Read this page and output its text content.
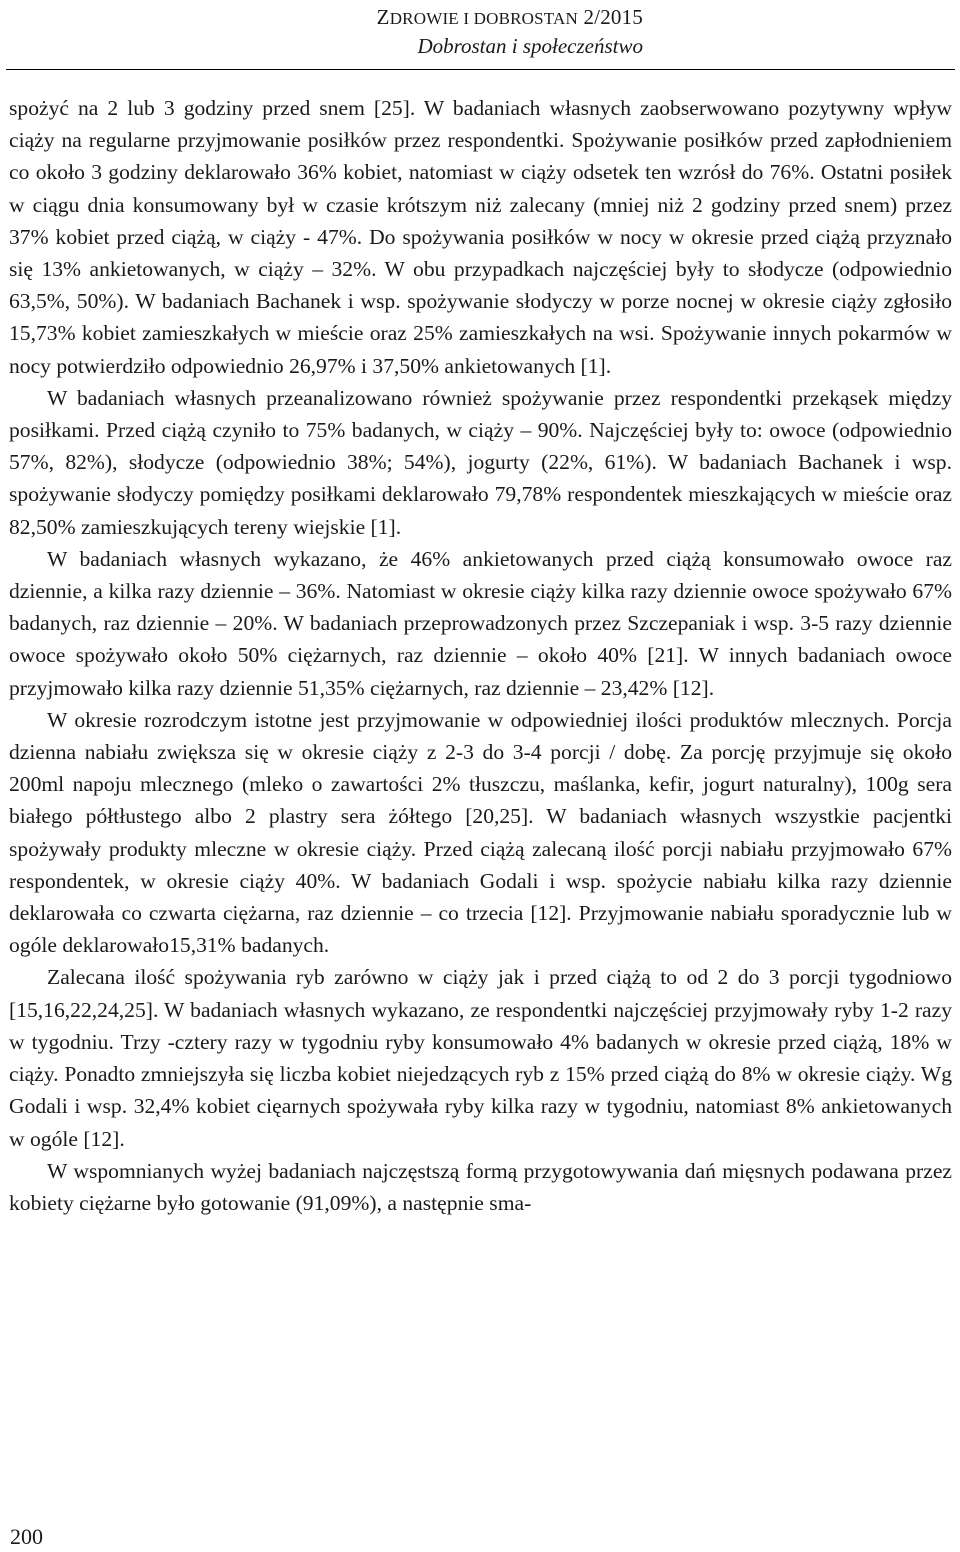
ZDROWIE I DOBROSTAN 2/2015
Dobrostan i społeczeństwo

spożyć na 2 lub 3 godziny przed snem [25]. W badaniach własnych zaobserwowano pozytywny wpływ ciąży na regularne przyjmowanie posiłków przez respondentki. Spożywanie posiłków przed zapłodnieniem co około 3 godziny deklarowało 36% kobiet, natomiast w ciąży odsetek ten wzrósł do 76%. Ostatni posiłek w ciągu dnia konsumowany był w czasie krótszym niż zalecany (mniej niż 2 godziny przed snem) przez 37% kobiet przed ciążą, w ciąży - 47%. Do spożywania posiłków w nocy w okresie przed ciążą przyznało się 13% ankietowanych, w ciąży – 32%. W obu przypadkach najczęściej były to słodycze (odpowiednio 63,5%, 50%). W badaniach Bachanek i wsp. spożywanie słodyczy w porze nocnej w okresie ciąży zgłosiło 15,73% kobiet zamieszkałych w mieście oraz 25% zamieszkałych na wsi. Spożywanie innych pokarmów w nocy potwierdziło odpowiednio 26,97% i 37,50% ankietowanych [1].

W badaniach własnych przeanalizowano również spożywanie przez respondentki przekąsek między posiłkami. Przed ciążą czyniło to 75% badanych, w ciąży – 90%. Najczęściej były to: owoce (odpowiednio 57%, 82%), słodycze (odpowiednio 38%; 54%), jogurty (22%, 61%). W badaniach Bachanek i wsp. spożywanie słodyczy pomiędzy posiłkami deklarowało 79,78% respondentek mieszkających w mieście oraz 82,50% zamieszkujących tereny wiejskie [1].

W badaniach własnych wykazano, że 46% ankietowanych przed ciążą konsumowało owoce raz dziennie, a kilka razy dziennie – 36%. Natomiast w okresie ciąży kilka razy dziennie owoce spożywało 67% badanych, raz dziennie – 20%. W badaniach przeprowadzonych przez Szczepaniak i wsp. 3-5 razy dziennie owoce spożywało około 50% ciężarnych, raz dziennie – około 40% [21]. W innych badaniach owoce przyjmowało kilka razy dziennie 51,35% ciężarnych, raz dziennie – 23,42% [12].

W okresie rozrodczym istotne jest przyjmowanie w odpowiedniej ilości produktów mlecznych. Porcja dzienna nabiału zwiększa się w okresie ciąży z 2-3 do 3-4 porcji / dobę. Za porcję przyjmuje się około 200ml napoju mlecznego (mleko o zawartości 2% tłuszczu, maślanka, kefir, jogurt naturalny), 100g sera białego półtłustego albo 2 plastry sera żółtego [20,25]. W badaniach własnych wszystkie pacjentki spożywały produkty mleczne w okresie ciąży. Przed ciążą zalecaną ilość porcji nabiału przyjmowało 67% respondentek, w okresie ciąży 40%. W badaniach Godali i wsp. spożycie nabiału kilka razy dziennie deklarowała co czwarta ciężarna, raz dziennie – co trzecia [12]. Przyjmowanie nabiału sporadycznie lub w ogóle deklarowało15,31% badanych.

Zalecana ilość spożywania ryb zarówno w ciąży jak i przed ciążą to od 2 do 3 porcji tygodniowo [15,16,22,24,25]. W badaniach własnych wykazano, ze respondentki najczęściej przyjmowały ryby 1-2 razy w tygodniu. Trzy -cztery razy w tygodniu ryby konsumowało 4% badanych w okresie przed ciążą, 18% w ciąży. Ponadto zmniejszyła się liczba kobiet niejedzących ryb z 15% przed ciążą do 8% w okresie ciąży. Wg Godali i wsp. 32,4% kobiet cięarnych spożywała ryby kilka razy w tygodniu, natomiast 8% ankietowanych w ogóle [12].

W wspomnianych wyżej badaniach najczęstszą formą przygotowywania dań mięsnych podawana przez kobiety ciężarne było gotowanie (91,09%), a następnie sma-

200
